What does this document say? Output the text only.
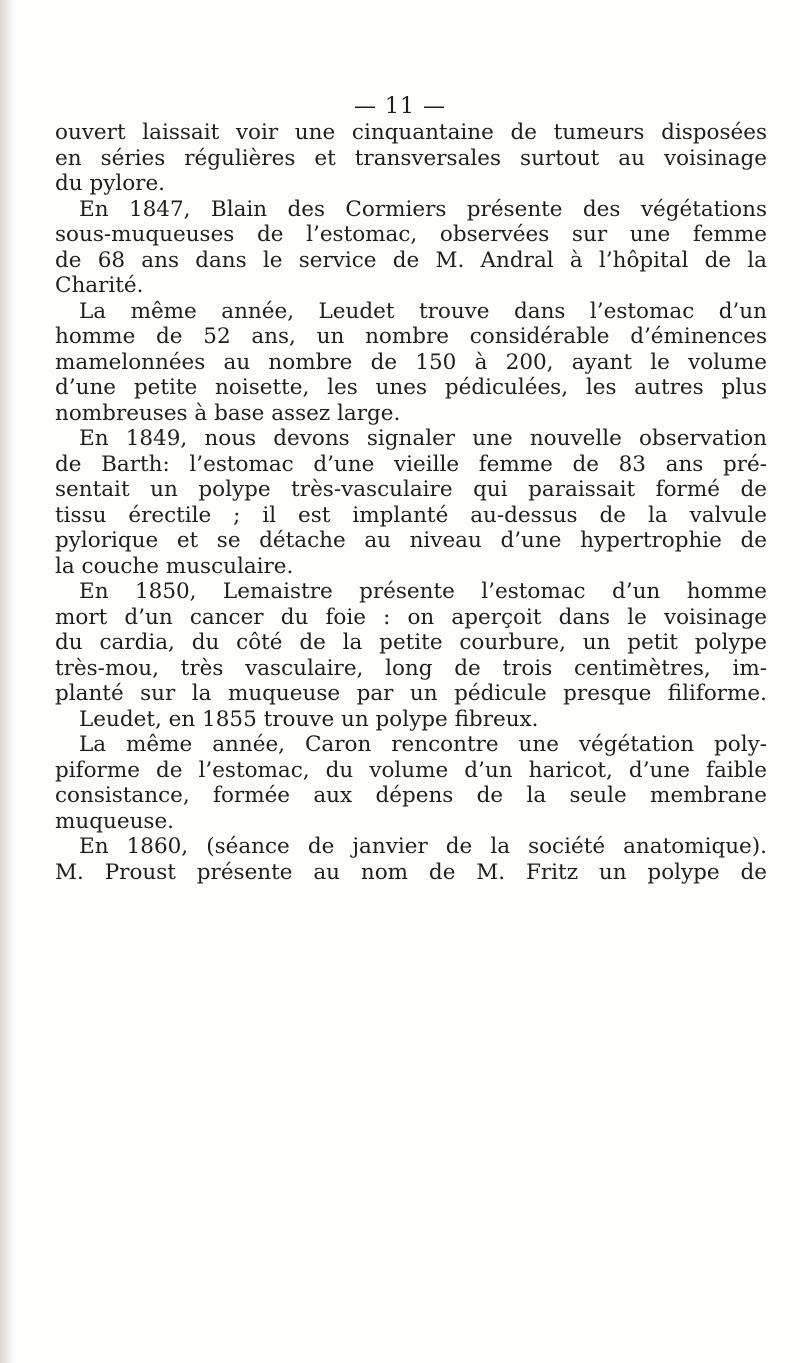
— 11 —
ouvert laissait voir une cinquantaine de tumeurs disposées
en séries régulières et transversales surtout au voisinage
du pylore.
En 1847, Blain des Cormiers présente des végétations
sous-muqueuses de l’estomac, observées sur une femme
de 68 ans dans le service de M. Andral à l’hôpital de la
Charité.
La même année, Leudet trouve dans l’estomac d’un
homme de 52 ans, un nombre considérable d’éminences
mamelonnées au nombre de 150 à 200, ayant le volume
d’une petite noisette, les unes pédiculées, les autres plus
nombreuses à base assez large.
En 1849, nous devons signaler une nouvelle observation
de Barth: l’estomac d’une vieille femme de 83 ans pré-
sentait un polype très-vasculaire qui paraissait formé de
tissu érectile ; il est implanté au-dessus de la valvule
pylorique et se détache au niveau d’une hypertrophie de
la couche musculaire.
En 1850, Lemaistre présente l’estomac d’un homme
mort d’un cancer du foie : on aperçoit dans le voisinage
du cardia, du côté de la petite courbure, un petit polype
très-mou, très vasculaire, long de trois centimètres, im-
planté sur la muqueuse par un pédicule presque filiforme.
Leudet, en 1855 trouve un polype fibreux.
La même année, Caron rencontre une végétation poly-
piforme de l’estomac, du volume d’un haricot, d’une faible
consistance, formée aux dépens de la seule membrane
muqueuse.
En 1860, (séance de janvier de la société anatomique).
M. Proust présente au nom de M. Fritz un polype de
